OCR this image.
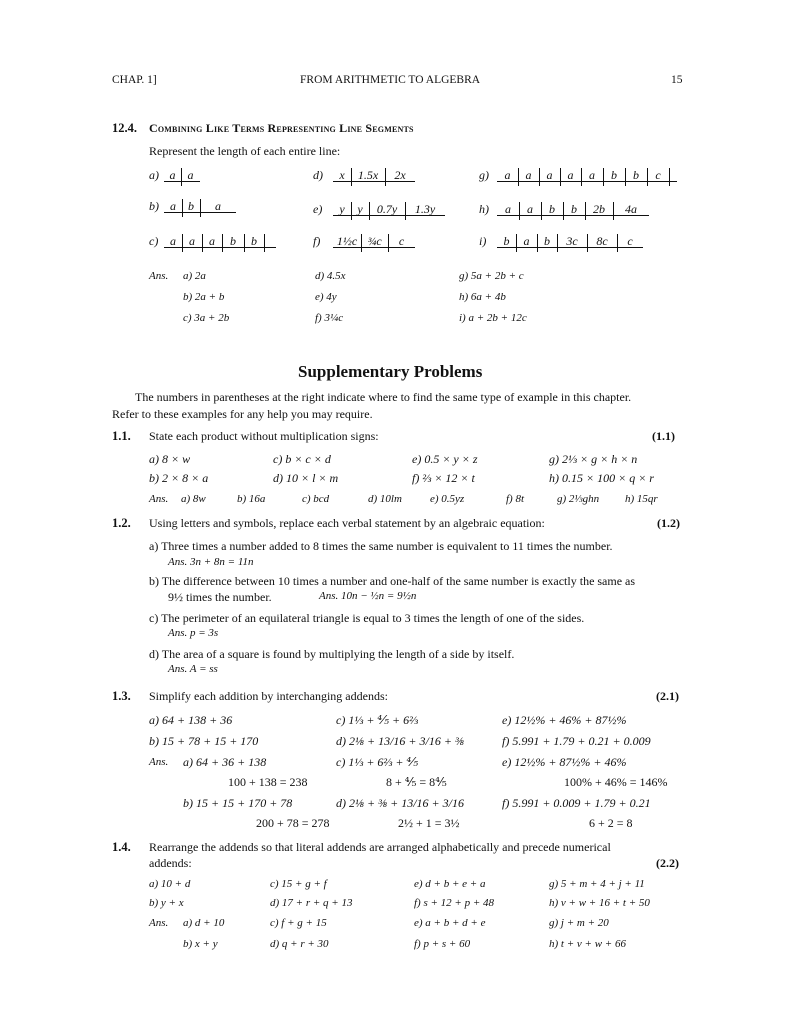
CHAP. 1]	FROM ARITHMETIC TO ALGEBRA	15
12.4. Combining Like Terms Representing Line Segments
Represent the length of each entire line:
a) a a
b) a b a
c) a a a b b
d) x 1.5x 2x
e) y y 0.7y 1.3y
f) 1½c ¾c c
g) a a a a a b b c
h) a a b b 2b 4a
i) b a b 3c 8c c
Ans. a) 2a
b) 2a + b
c) 3a + 2b
d) 4.5x
e) 4y
f) 3¼c
g) 5a + 2b + c
h) 6a + 4b
i) a + 2b + 12c
Supplementary Problems
The numbers in parentheses at the right indicate where to find the same type of example in this chapter.
Refer to these examples for any help you may require.
1.1. State each product without multiplication signs:	(1.1)
a) 8 × w	c) b × c × d	e) 0.5 × y × z	g) 2⅓ × g × h × n
b) 2 × 8 × a	d) 10 × l × m	f) ⅔ × 12 × t	h) 0.15 × 100 × q × r
Ans. a) 8w	b) 16a	c) bcd	d) 10lm	e) 0.5yz	f) 8t	g) 2⅓ghn h) 15qr
1.2. Using letters and symbols, replace each verbal statement by an algebraic equation:	(1.2)
a) Three times a number added to 8 times the same number is equivalent to 11 times the number.
Ans. 3n + 8n = 11n
b) The difference between 10 times a number and one-half of the same number is exactly the same as
9½ times the number.	Ans. 10n − ½n = 9½n
c) The perimeter of an equilateral triangle is equal to 3 times the length of one of the sides.
Ans. p = 3s
d) The area of a square is found by multiplying the length of a side by itself.
Ans. A = ss
1.3. Simplify each addition by interchanging addends:	(2.1)
a) 64 + 138 + 36	c) 1⅓ + ⅘ + 6⅔	e) 12½% + 46% + 87½%
b) 15 + 78 + 15 + 170	d) 2⅛ + 13/16 + 3/16 + ⅜	f) 5.991 + 1.79 + 0.21 + 0.009
Ans. a) 64 + 36 + 138
100 + 138 = 238
c) 1⅓ + 6⅔ + ⅘
8 + ⅘ = 8⅘
e) 12½% + 87½% + 46%
100% + 46% = 146%
b) 15 + 15 + 170 + 78
200 + 78 = 278
d) 2⅛ + ⅜ + 13/16 + 3/16
2½ + 1 = 3½
f) 5.991 + 0.009 + 1.79 + 0.21
6 + 2 = 8
1.4. Rearrange the addends so that literal addends are arranged alphabetically and precede numerical
addends:	(2.2)
a) 10 + d	c) 15 + g + f	e) d + b + e + a	g) 5 + m + 4 + j + 11
b) y + x	d) 17 + r + q + 13	f) s + 12 + p + 48	h) v + w + 16 + t + 50
Ans. a) d + 10	c) f + g + 15	e) a + b + d + e	g) j + m + 20
b) x + y	d) q + r + 30	f) p + s + 60	h) t + v + w + 66
